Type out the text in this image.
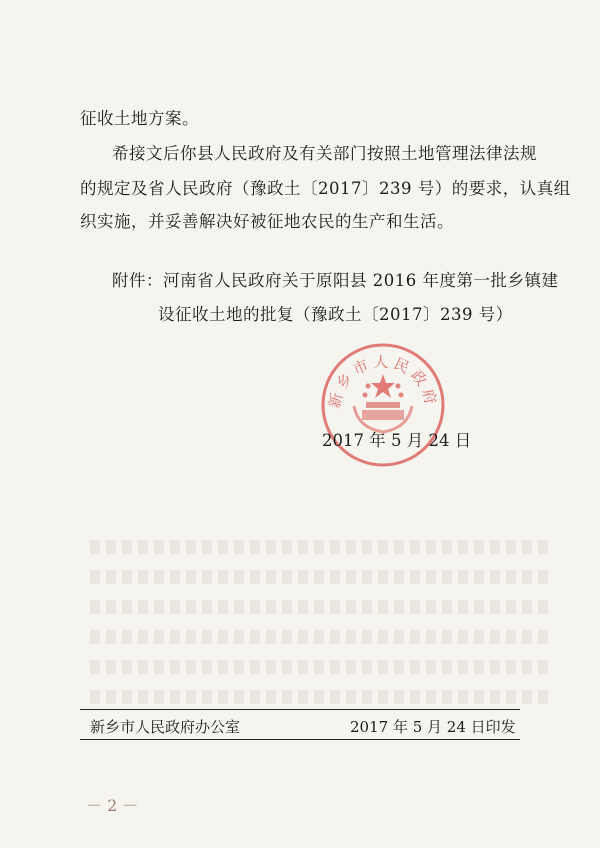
征收土地方案。
希接文后你县人民政府及有关部门按照土地管理法律法规
的规定及省人民政府（豫政土〔2017〕239 号）的要求，认真组
织实施，并妥善解决好被征地农民的生产和生活。
附件：河南省人民政府关于原阳县 2016 年度第一批乡镇建
设征收土地的批复（豫政土〔2017〕239 号）
新乡市人民政府
2017 年 5 月 24 日
新乡市人民政府办公室	2017 年 5 月 24 日印发
－ 2 －
